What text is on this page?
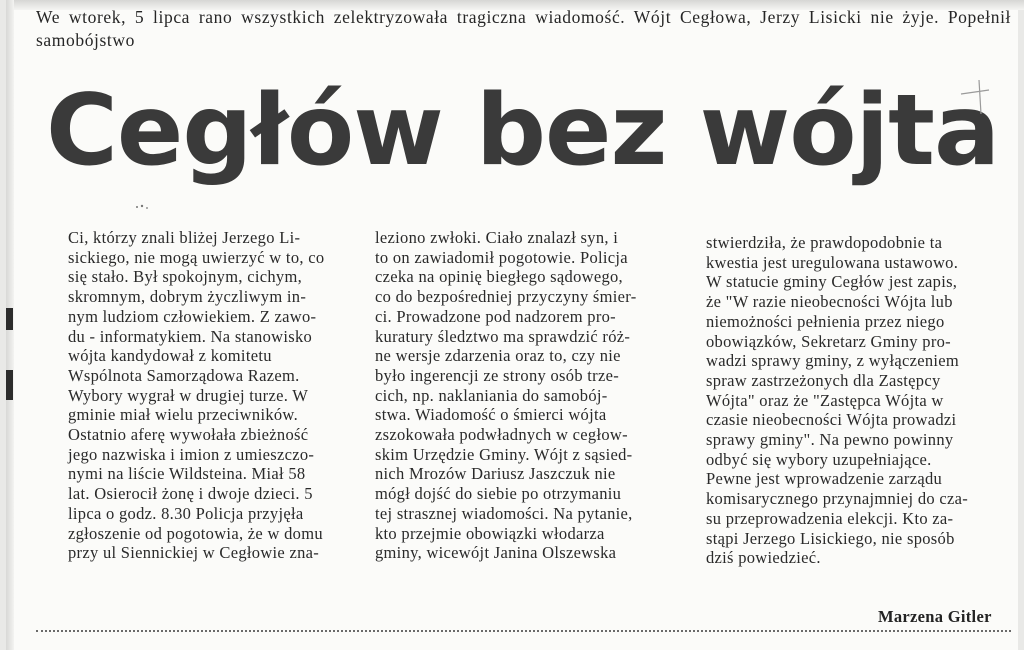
We wtorek, 5 lipca rano wszystkich zelektryzowała tragiczna wiadomość. Wójt Cegłowa, Jerzy Lisicki nie żyje. Popełnił samobójstwo
Cegłów bez wójta

Ci, którzy znali bliżej Jerzego Li-

sickiego, nie mogą uwierzyć w to, co

się stało. Był spokojnym, cichym,

skromnym, dobrym życzliwym in-

nym ludziom człowiekiem. Z zawo-

du - informatykiem. Na stanowisko

wójta kandydował z komitetu

Wspólnota Samorządowa Razem.

Wybory wygrał w drugiej turze. W

gminie miał wielu przeciwników.

Ostatnio aferę wywołała zbieżność

jego nazwiska i imion z umieszczo-

nymi na liście Wildsteina. Miał 58

lat. Osierocił żonę i dwoje dzieci. 5

lipca o godz. 8.30 Policja przyjęła

zgłoszenie od pogotowia, że w domu

przy ul Siennickiej w Cegłowie zna-

leziono zwłoki. Ciało znalazł syn, i

to on zawiadomił pogotowie. Policja

czeka na opinię biegłego sądowego,

co do bezpośredniej przyczyny śmier-

ci. Prowadzone pod nadzorem pro-

kuratury śledztwo ma sprawdzić róż-

ne wersje zdarzenia oraz to, czy nie

było ingerencji ze strony osób trze-

cich, np. naklaniania do samobój-

stwa. Wiadomość o śmierci wójta

zszokowała podwładnych w cegłow-

skim Urzędzie Gminy. Wójt z sąsied-

nich Mrozów Dariusz Jaszczuk nie

mógł dojść do siebie po otrzymaniu

tej strasznej wiadomości. Na pytanie,

kto przejmie obowiązki włodarza

gminy, wicewójt Janina Olszewska

stwierdziła, że prawdopodobnie ta

kwestia jest uregulowana ustawowo.

W statucie gminy Cegłów jest zapis,

że "W razie nieobecności Wójta lub

niemożności pełnienia przez niego

obowiązków, Sekretarz Gminy pro-

wadzi sprawy gminy, z wyłączeniem

spraw zastrzeżonych dla Zastępcy

Wójta" oraz że "Zastępca Wójta w

czasie nieobecności Wójta prowadzi

sprawy gminy". Na pewno powinny

odbyć się wybory uzupełniające.

Pewne jest wprowadzenie zarządu

komisarycznego przynajmniej do cza-

su przeprowadzenia elekcji. Kto za-

stąpi Jerzego Lisickiego, nie sposób

dziś powiedzieć.

Marzena Gitler
